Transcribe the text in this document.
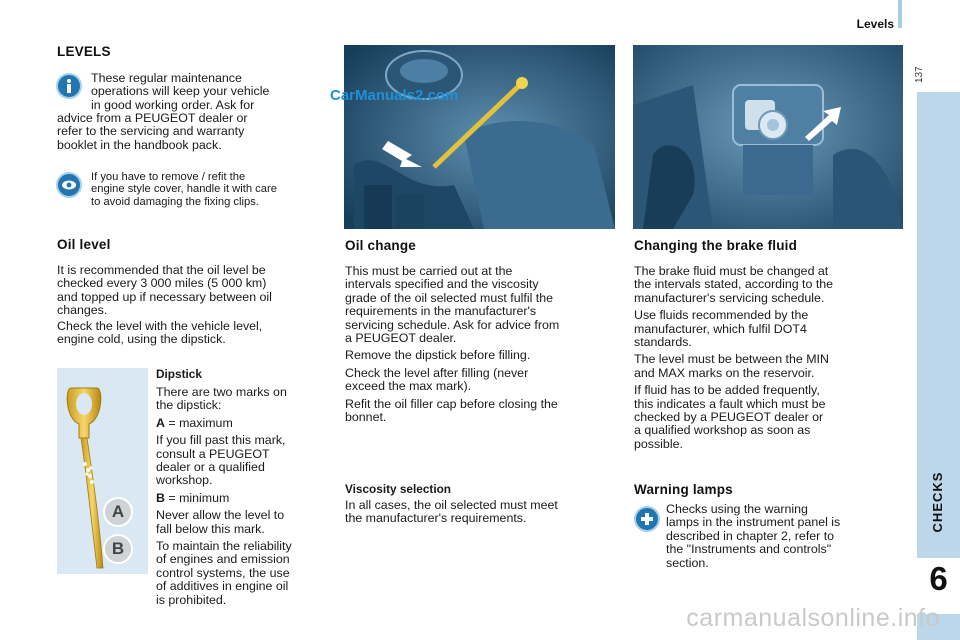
Levels
137
CHECKS
6
LEVELS
These regular maintenance
operations will keep your vehicle
in good working order. Ask for
advice from a PEUGEOT dealer or
refer to the servicing and warranty
booklet in the handbook pack.
If you have to remove / refit the
engine style cover, handle it with care
to avoid damaging the fixing clips.
Oil level
It is recommended that the oil level be
checked every 3 000 miles (5 000 km)
and topped up if necessary between oil
changes.
Check the level with the vehicle level,
engine cold, using the dipstick.
A
B
Dipstick
There are two marks on
the dipstick:
A = maximum
If you fill past this mark,
consult a PEUGEOT
dealer or a qualified
workshop.
B = minimum
Never allow the level to
fall below this mark.
To maintain the reliability
of engines and emission
control systems, the use
of additives in engine oil
is prohibited.
CarManuals2.com
Oil change
This must be carried out at the
intervals specified and the viscosity
grade of the oil selected must fulfil the
requirements in the manufacturer's
servicing schedule. Ask for advice from
a PEUGEOT dealer.
Remove the dipstick before filling.
Check the level after filling (never
exceed the max mark).
Refit the oil filler cap before closing the
bonnet.
Viscosity selection
In all cases, the oil selected must meet
the manufacturer's requirements.
Changing the brake fluid
The brake fluid must be changed at
the intervals stated, according to the
manufacturer's servicing schedule.
Use fluids recommended by the
manufacturer, which fulfil DOT4
standards.
The level must be between the MIN
and MAX marks on the reservoir.
If fluid has to be added frequently,
this indicates a fault which must be
checked by a PEUGEOT dealer or
a qualified workshop as soon as
possible.
Warning lamps
Checks using the warning
lamps in the instrument panel is
described in chapter 2, refer to
the "Instruments and controls"
section.
carmanualsonline.info
